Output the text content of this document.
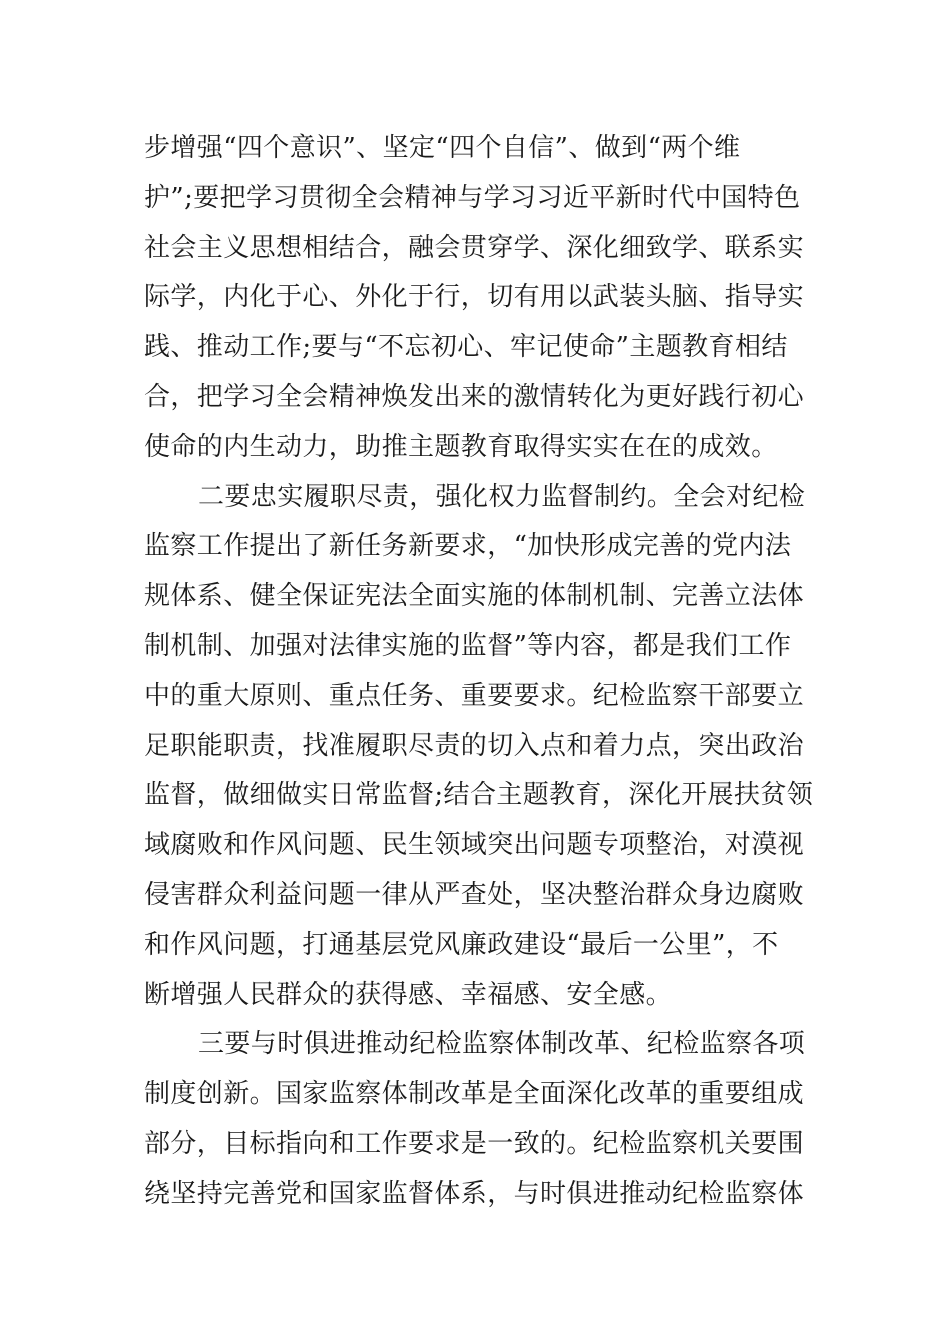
步增强“四个意识”、坚定“四个自信”、做到“两个维
护”;要把学习贯彻全会精神与学习习近平新时代中国特色
社会主义思想相结合，融会贯穿学、深化细致学、联系实
际学，内化于心、外化于行，切有用以武装头脑、指导实
践、推动工作;要与“不忘初心、牢记使命”主题教育相结
合，把学习全会精神焕发出来的激情转化为更好践行初心
使命的内生动力，助推主题教育取得实实在在的成效。
二要忠实履职尽责，强化权力监督制约。全会对纪检
监察工作提出了新任务新要求，“加快形成完善的党内法
规体系、健全保证宪法全面实施的体制机制、完善立法体
制机制、加强对法律实施的监督”等内容，都是我们工作
中的重大原则、重点任务、重要要求。纪检监察干部要立
足职能职责，找准履职尽责的切入点和着力点，突出政治
监督，做细做实日常监督;结合主题教育，深化开展扶贫领
域腐败和作风问题、民生领域突出问题专项整治，对漠视
侵害群众利益问题一律从严查处，坚决整治群众身边腐败
和作风问题，打通基层党风廉政建设“最后一公里”，不
断增强人民群众的获得感、幸福感、安全感。
三要与时俱进推动纪检监察体制改革、纪检监察各项
制度创新。国家监察体制改革是全面深化改革的重要组成
部分，目标指向和工作要求是一致的。纪检监察机关要围
绕坚持完善党和国家监督体系，与时俱进推动纪检监察体
